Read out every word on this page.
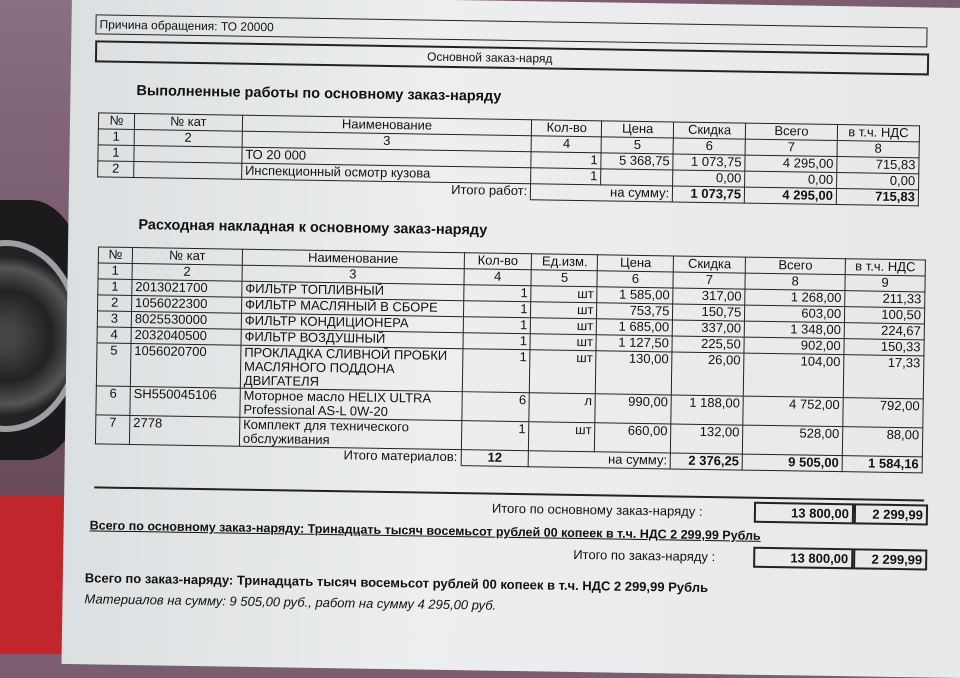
Причина обращения: ТО 20000
Основной заказ-наряд
Выполненные работы по основному заказ-наряду
№	№ кат	Наименование	Кол-во	Цена	Скидка	Всего	в т.ч. НДС
1	2	3	4	5	6	7	8
1		ТО 20 000	1	5 368,75	1 073,75	4 295,00	715,83
2		Инспекционный осмотр кузова	1		0,00	0,00	0,00
Итого работ:			на сумму:		1 073,75	4 295,00	715,83
Расходная накладная к основному заказ-наряду
№	№ кат	Наименование	Кол-во	Ед.изм.	Цена	Скидка	Всего	в т.ч. НДС
1	2	3	4	5	6	7	8	9
1	2013021700	ФИЛЬТР ТОПЛИВНЫЙ	1	шт	1 585,00	317,00	1 268,00	211,33
2	1056022300	ФИЛЬТР МАСЛЯНЫЙ В СБОРЕ	1	шт	753,75	150,75	603,00	100,50
3	8025530000	ФИЛЬТР КОНДИЦИОНЕРА	1	шт	1 685,00	337,00	1 348,00	224,67
4	2032040500	ФИЛЬТР ВОЗДУШНЫЙ	1	шт	1 127,50	225,50	902,00	150,33
5	1056020700	ПРОКЛАДКА СЛИВНОЙ ПРОБКИ МАСЛЯНОГО ПОДДОНА ДВИГАТЕЛЯ	1	шт	130,00	26,00	104,00	17,33
6	SH550045106	Моторное масло HELIX ULTRA Professional AS-L 0W-20	6	л	990,00	1 188,00	4 752,00	792,00
7	2778	Комплект для технического обслуживания	1	шт	660,00	132,00	528,00	88,00
Итого материалов:			12	на сумму:		2 376,25	9 505,00	1 584,16
Итого по основному заказ-наряду :	13 800,00 2 299,99
Всего по основному заказ-наряду: Тринадцать тысяч восемьсот рублей 00 копеек в т.ч. НДС 2 299,99 Рубль
Итого по заказ-наряду :	13 800,00 2 299,99
Всего по заказ-наряду: Тринадцать тысяч восемьсот рублей 00 копеек в т.ч. НДС 2 299,99 Рубль
Материалов на сумму: 9 505,00 руб., работ на сумму 4 295,00 руб.
